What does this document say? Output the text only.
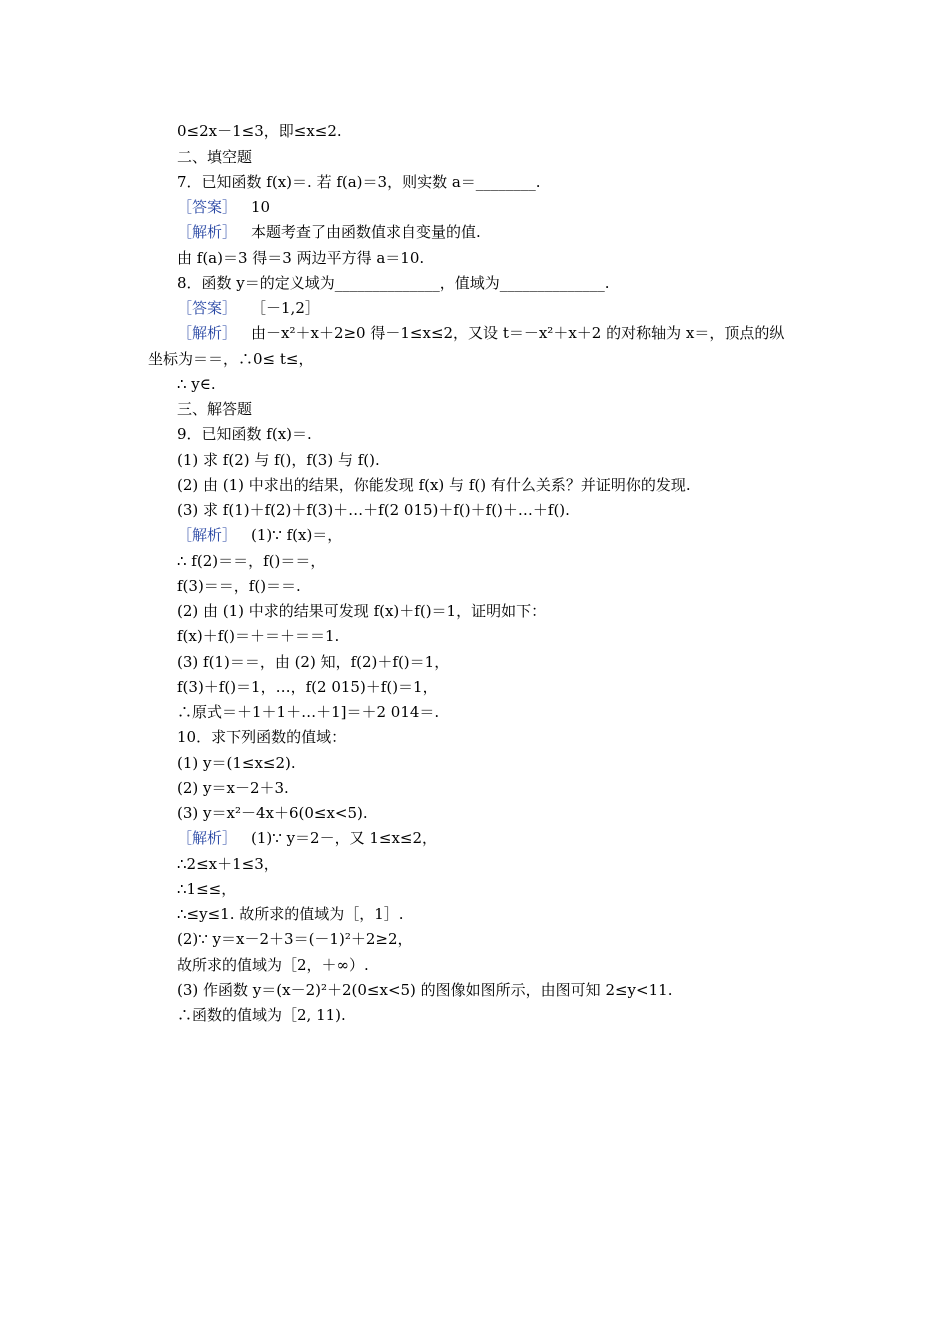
0≤2x－1≤3，即≤x≤2.
二、填空题
7．已知函数 f(x)＝. 若 f(a)＝3，则实数 a＝________.
［答案］ 10
［解析］ 本题考查了由函数值求自变量的值.
由 f(a)＝3 得＝3 两边平方得 a＝10.
8．函数 y＝的定义域为______________，值域为______________.
［答案］ ［－1,2］
［解析］ 由－x²＋x＋2≥0 得－1≤x≤2，又设 t＝－x²＋x＋2 的对称轴为 x＝，顶点的纵
坐标为＝＝，∴0≤ t≤，
∴ y∈.
三、解答题
9．已知函数 f(x)＝.
(1) 求 f(2) 与 f()，f(3) 与 f().
(2) 由 (1) 中求出的结果，你能发现 f(x) 与 f() 有什么关系？并证明你的发现.
(3) 求 f(1)＋f(2)＋f(3)＋…＋f(2 015)＋f()＋f()＋…＋f().
［解析］ (1)∵ f(x)＝，
∴ f(2)＝＝，f()＝＝，
f(3)＝＝，f()＝＝.
(2) 由 (1) 中求的结果可发现 f(x)＋f()＝1，证明如下：
f(x)＋f()＝＋＝＋＝＝1.
(3) f(1)＝＝，由 (2) 知，f(2)＋f()＝1，
f(3)＋f()＝1，…，f(2 015)＋f()＝1，
∴原式＝＋1＋1＋…＋1]＝＋2 014＝.
10．求下列函数的值域：
(1) y＝(1≤x≤2).
(2) y＝x－2＋3.
(3) y＝x²－4x＋6(0≤x<5).
［解析］ (1)∵ y＝2－，又 1≤x≤2，
∴2≤x＋1≤3，
∴1≤≤，
∴≤y≤1. 故所求的值域为［，1］.
(2)∵ y＝x－2＋3＝(－1)²＋2≥2，
故所求的值域为［2，＋∞）.
(3) 作函数 y＝(x－2)²＋2(0≤x<5) 的图像如图所示，由图可知 2≤y<11.
∴函数的值域为［2, 11).
